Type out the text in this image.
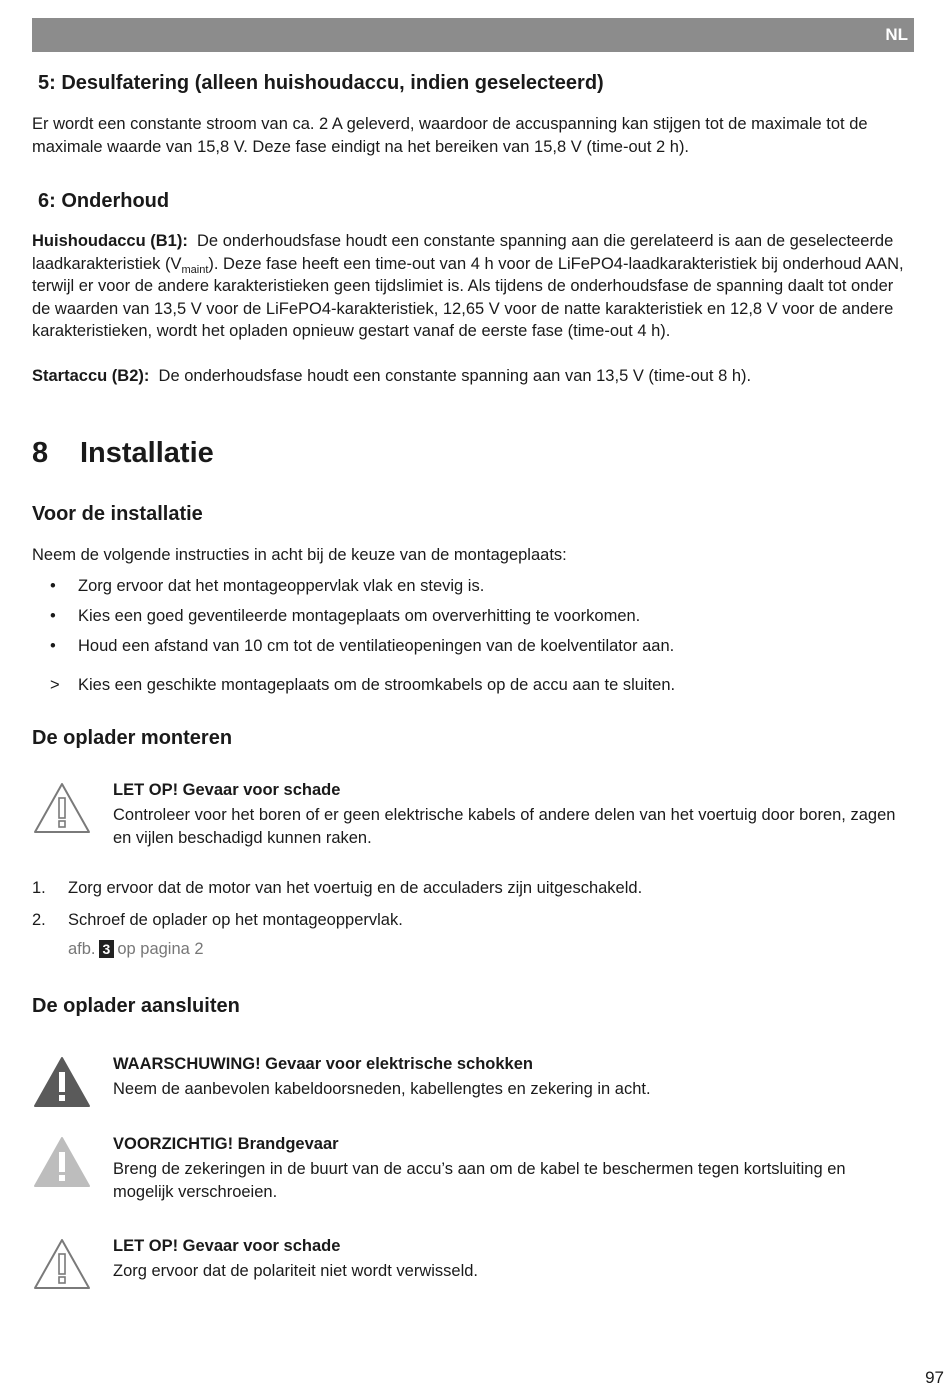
NL
5: Desulfatering (alleen huishoudaccu, indien geselecteerd)

Er wordt een constante stroom van ca. 2 A geleverd, waardoor de accuspanning kan stijgen tot de maximale tot de maximale waarde van 15,8 V. Deze fase eindigt na het bereiken van 15,8 V (time-out 2 h).

6: Onderhoud

Huishoudaccu (B1): De onderhoudsfase houdt een constante spanning aan die gerelateerd is aan de geselecteerde laadkarakteristiek $(V_{maint})$. Deze fase heeft een time-out van 4 h voor de LiFePO4-laadkarakteristiek bij onderhoud AAN, terwijl er voor de andere karakteristieken geen tijdslimiet is. Als tijdens de onderhoudsfase de spanning daalt tot onder de waarden van 13,5 V voor de LiFePO4-karakteristiek, 12,65 V voor de natte karakteristiek en 12,8 V voor de andere karakteristieken, wordt het opladen opnieuw gestart vanaf de eerste fase (time-out 4 h).

Startaccu (B2): De onderhoudsfase houdt een constante spanning aan van 13,5 V (time-out 8 h).

8 Installatie
Voor de installatie

Neem de volgende instructies in acht bij de keuze van de montageplaats:

• Zorg ervoor dat het montageoppervlak vlak en stevig is.
• Kies een goed geventileerde montageplaats om oververhitting te voorkomen.
• Houd een afstand van 10 cm tot de ventilatieopeningen van de koelventilator aan.
> Kies een geschikte montageplaats om de stroomkabels op de accu aan te sluiten.
De oplader monteren
LET OP! Gevaar voor schade
Controleer voor het boren of er geen elektrische kabels of andere delen van het voertuig door boren, zagen en vijlen beschadigd kunnen raken.
1. Zorg ervoor dat de motor van het voertuig en de acculaders zijn uitgeschakeld.
2. Schroef de oplader op het montageoppervlak.
afb. 3 op pagina 2
De oplader aansluiten
WAARSCHUWING! Gevaar voor elektrische schokken
Neem de aanbevolen kabeldoorsneden, kabellengtes en zekering in acht.
VOORZICHTIG! Brandgevaar
Breng de zekeringen in de buurt van de accu’s aan om de kabel te beschermen tegen kortsluiting en mogelijk verschroeien.
LET OP! Gevaar voor schade
Zorg ervoor dat de polariteit niet wordt verwisseld.
97
